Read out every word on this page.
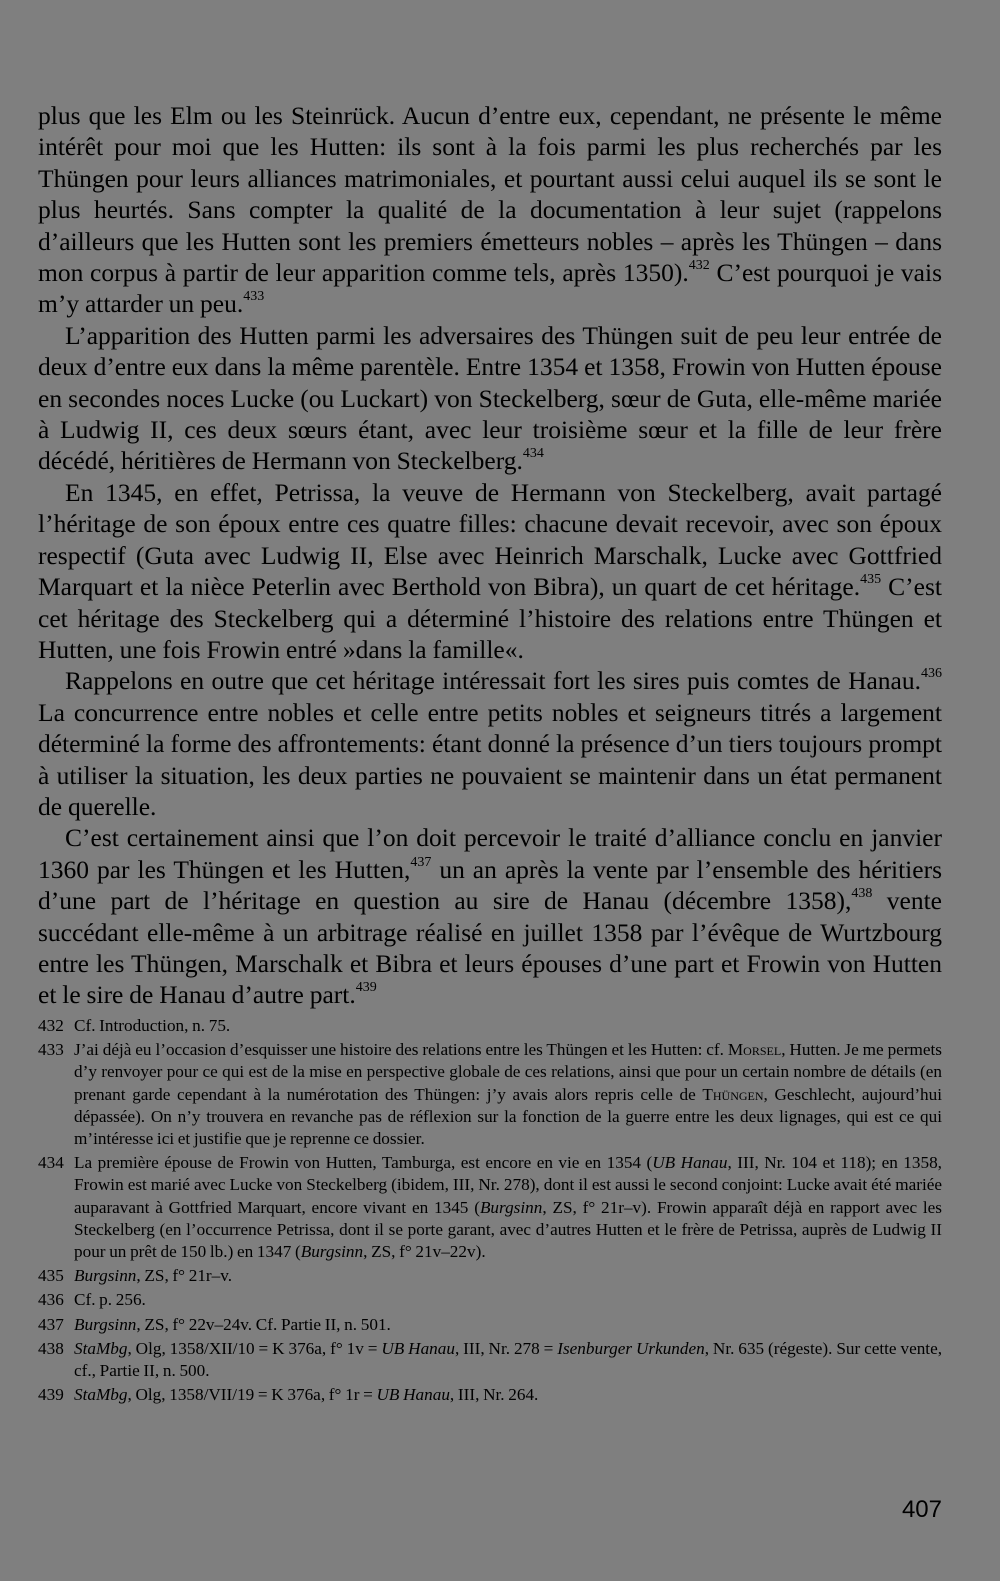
plus que les Elm ou les Steinrück. Aucun d’entre eux, cependant, ne présente le même intérêt pour moi que les Hutten: ils sont à la fois parmi les plus recherchés par les Thüngen pour leurs alliances matrimoniales, et pourtant aussi celui auquel ils se sont le plus heurtés. Sans compter la qualité de la documentation à leur sujet (rappelons d’ailleurs que les Hutten sont les premiers émetteurs nobles – après les Thüngen – dans mon corpus à partir de leur apparition comme tels, après 1350).$^{432}$ C’est pourquoi je vais m’y attarder un peu.$^{433}$

L’apparition des Hutten parmi les adversaires des Thüngen suit de peu leur entrée de deux d’entre eux dans la même parentèle. Entre 1354 et 1358, Frowin von Hutten épouse en secondes noces Lucke (ou Luckart) von Steckelberg, sœur de Guta, elle-même mariée à Ludwig II, ces deux sœurs étant, avec leur troisième sœur et la fille de leur frère décédé, héritières de Hermann von Steckelberg.$^{434}$

En 1345, en effet, Petrissa, la veuve de Hermann von Steckelberg, avait partagé l’héritage de son époux entre ces quatre filles: chacune devait recevoir, avec son époux respectif (Guta avec Ludwig II, Else avec Heinrich Marschalk, Lucke avec Gottfried Marquart et la nièce Peterlin avec Berthold von Bibra), un quart de cet héritage.$^{435}$ C’est cet héritage des Steckelberg qui a déterminé l’histoire des relations entre Thüngen et Hutten, une fois Frowin entré »dans la famille«.

Rappelons en outre que cet héritage intéressait fort les sires puis comtes de Hanau.$^{436}$ La concurrence entre nobles et celle entre petits nobles et seigneurs titrés a largement déterminé la forme des affrontements: étant donné la présence d’un tiers toujours prompt à utiliser la situation, les deux parties ne pouvaient se maintenir dans un état permanent de querelle.

C’est certainement ainsi que l’on doit percevoir le traité d’alliance conclu en janvier 1360 par les Thüngen et les Hutten,$^{437}$ un an après la vente par l’ensemble des héritiers d’une part de l’héritage en question au sire de Hanau (décembre 1358),$^{438}$ vente succédant elle-même à un arbitrage réalisé en juillet 1358 par l’évêque de Wurtzbourg entre les Thüngen, Marschalk et Bibra et leurs épouses d’une part et Frowin von Hutten et le sire de Hanau d’autre part.$^{439}$

432 Cf. Introduction, n. 75.
433 J’ai déjà eu l’occasion d’esquisser une histoire des relations entre les Thüngen et les Hutten: cf. Morsel, Hutten. Je me permets d’y renvoyer pour ce qui est de la mise en perspective globale de ces relations, ainsi que pour un certain nombre de détails (en prenant garde cependant à la numérotation des Thüngen: j’y avais alors repris celle de Thüngen, Geschlecht, aujourd’hui dépassée). On n’y trouvera en revanche pas de réflexion sur la fonction de la guerre entre les deux lignages, qui est ce qui m’intéresse ici et justifie que je reprenne ce dossier.
434 La première épouse de Frowin von Hutten, Tamburga, est encore en vie en 1354 (UB Hanau, III, Nr. 104 et 118); en 1358, Frowin est marié avec Lucke von Steckelberg (ibidem, III, Nr. 278), dont il est aussi le second conjoint: Lucke avait été mariée auparavant à Gottfried Marquart, encore vivant en 1345 (Burgsinn, ZS, f° 21r–v). Frowin apparaît déjà en rapport avec les Steckelberg (en l’occurrence Petrissa, dont il se porte garant, avec d’autres Hutten et le frère de Petrissa, auprès de Ludwig II pour un prêt de 150 lb.) en 1347 (Burgsinn, ZS, f° 21v–22v).
435 Burgsinn, ZS, f° 21r–v.
436 Cf. p. 256.
437 Burgsinn, ZS, f° 22v–24v. Cf. Partie II, n. 501.
438 StaMbg, Olg, 1358/XII/10 = K 376a, f° 1v = UB Hanau, III, Nr. 278 = Isenburger Urkunden, Nr. 635 (régeste). Sur cette vente, cf., Partie II, n. 500.
439 StaMbg, Olg, 1358/VII/19 = K 376a, f° 1r = UB Hanau, III, Nr. 264.
407
